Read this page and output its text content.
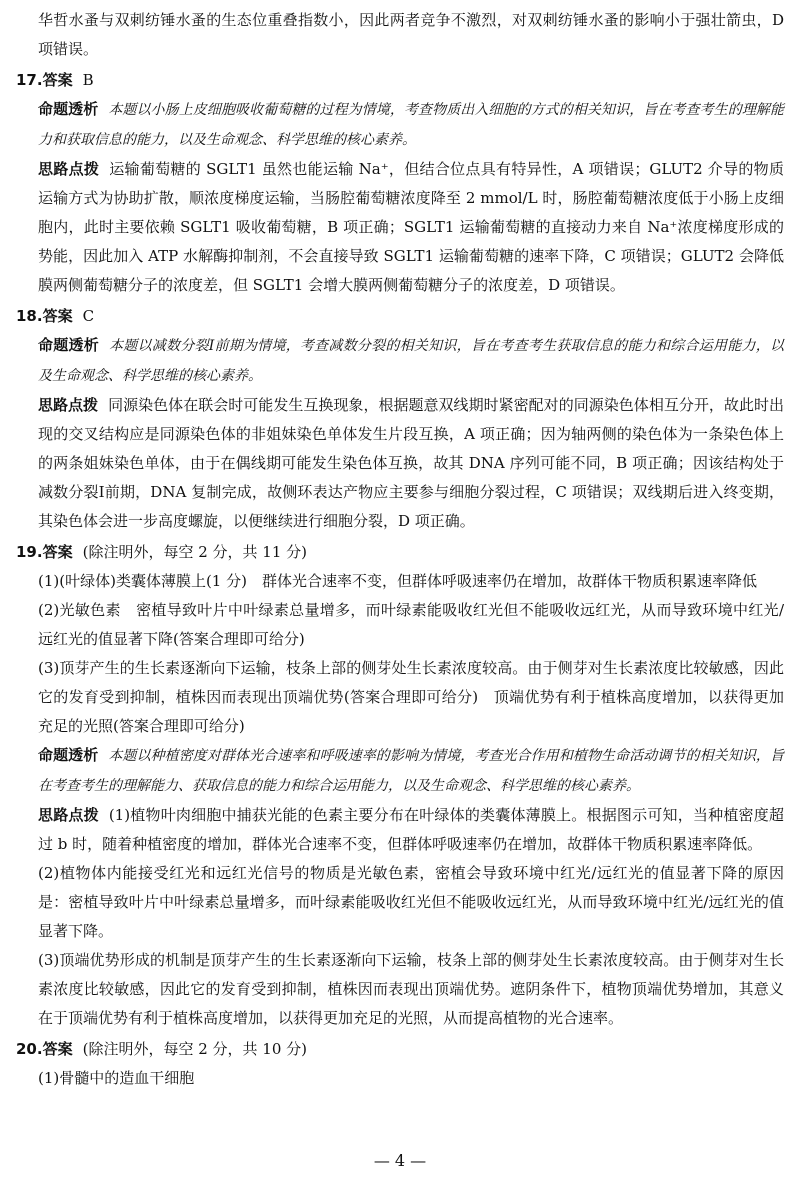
华哲水蚤与双刺纺锤水蚤的生态位重叠指数小，因此两者竞争不激烈，对双刺纺锤水蚤的影响小于强壮箭虫，D 项错误。

17.答案 B

命题透析 本题以小肠上皮细胞吸收葡萄糖的过程为情境，考查物质出入细胞的方式的相关知识，旨在考查考生的理解能力和获取信息的能力，以及生命观念、科学思维的核心素养。

思路点拨 运输葡萄糖的 SGLT1 虽然也能运输 Na⁺，但结合位点具有特异性，A 项错误；GLUT2 介导的物质运输方式为协助扩散，顺浓度梯度运输，当肠腔葡萄糖浓度降至 2 mmol/L 时，肠腔葡萄糖浓度低于小肠上皮细胞内，此时主要依赖 SGLT1 吸收葡萄糖，B 项正确；SGLT1 运输葡萄糖的直接动力来自 Na⁺浓度梯度形成的势能，因此加入 ATP 水解酶抑制剂，不会直接导致 SGLT1 运输葡萄糖的速率下降，C 项错误；GLUT2 会降低膜两侧葡萄糖分子的浓度差，但 SGLT1 会增大膜两侧葡萄糖分子的浓度差，D 项错误。

18.答案 C

命题透析 本题以减数分裂Ⅰ前期为情境，考查减数分裂的相关知识，旨在考查考生获取信息的能力和综合运用能力，以及生命观念、科学思维的核心素养。

思路点拨 同源染色体在联会时可能发生互换现象，根据题意双线期时紧密配对的同源染色体相互分开，故此时出现的交叉结构应是同源染色体的非姐妹染色单体发生片段互换，A 项正确；因为轴两侧的染色体为一条染色体上的两条姐妹染色单体，由于在偶线期可能发生染色体互换，故其 DNA 序列可能不同，B 项正确；因该结构处于减数分裂Ⅰ前期，DNA 复制完成，故侧环表达产物应主要参与细胞分裂过程，C 项错误；双线期后进入终变期，其染色体会进一步高度螺旋，以便继续进行细胞分裂，D 项正确。

19.答案 (除注明外，每空 2 分，共 11 分)

(1)(叶绿体)类囊体薄膜上(1 分)　群体光合速率不变，但群体呼吸速率仍在增加，故群体干物质积累速率降低

(2)光敏色素　密植导致叶片中叶绿素总量增多，而叶绿素能吸收红光但不能吸收远红光，从而导致环境中红光/远红光的值显著下降(答案合理即可给分)

(3)顶芽产生的生长素逐渐向下运输，枝条上部的侧芽处生长素浓度较高。由于侧芽对生长素浓度比较敏感，因此它的发育受到抑制，植株因而表现出顶端优势(答案合理即可给分)　顶端优势有利于植株高度增加，以获得更加充足的光照(答案合理即可给分)

命题透析 本题以种植密度对群体光合速率和呼吸速率的影响为情境，考查光合作用和植物生命活动调节的相关知识，旨在考查考生的理解能力、获取信息的能力和综合运用能力，以及生命观念、科学思维的核心素养。

思路点拨 (1)植物叶肉细胞中捕获光能的色素主要分布在叶绿体的类囊体薄膜上。根据图示可知，当种植密度超过 b 时，随着种植密度的增加，群体光合速率不变，但群体呼吸速率仍在增加，故群体干物质积累速率降低。

(2)植物体内能接受红光和远红光信号的物质是光敏色素，密植会导致环境中红光/远红光的值显著下降的原因是：密植导致叶片中叶绿素总量增多，而叶绿素能吸收红光但不能吸收远红光，从而导致环境中红光/远红光的值显著下降。

(3)顶端优势形成的机制是顶芽产生的生长素逐渐向下运输，枝条上部的侧芽处生长素浓度较高。由于侧芽对生长素浓度比较敏感，因此它的发育受到抑制，植株因而表现出顶端优势。遮阴条件下，植物顶端优势增加，其意义在于顶端优势有利于植株高度增加，以获得更加充足的光照，从而提高植物的光合速率。

20.答案 (除注明外，每空 2 分，共 10 分)

(1)骨髓中的造血干细胞

— 4 —
